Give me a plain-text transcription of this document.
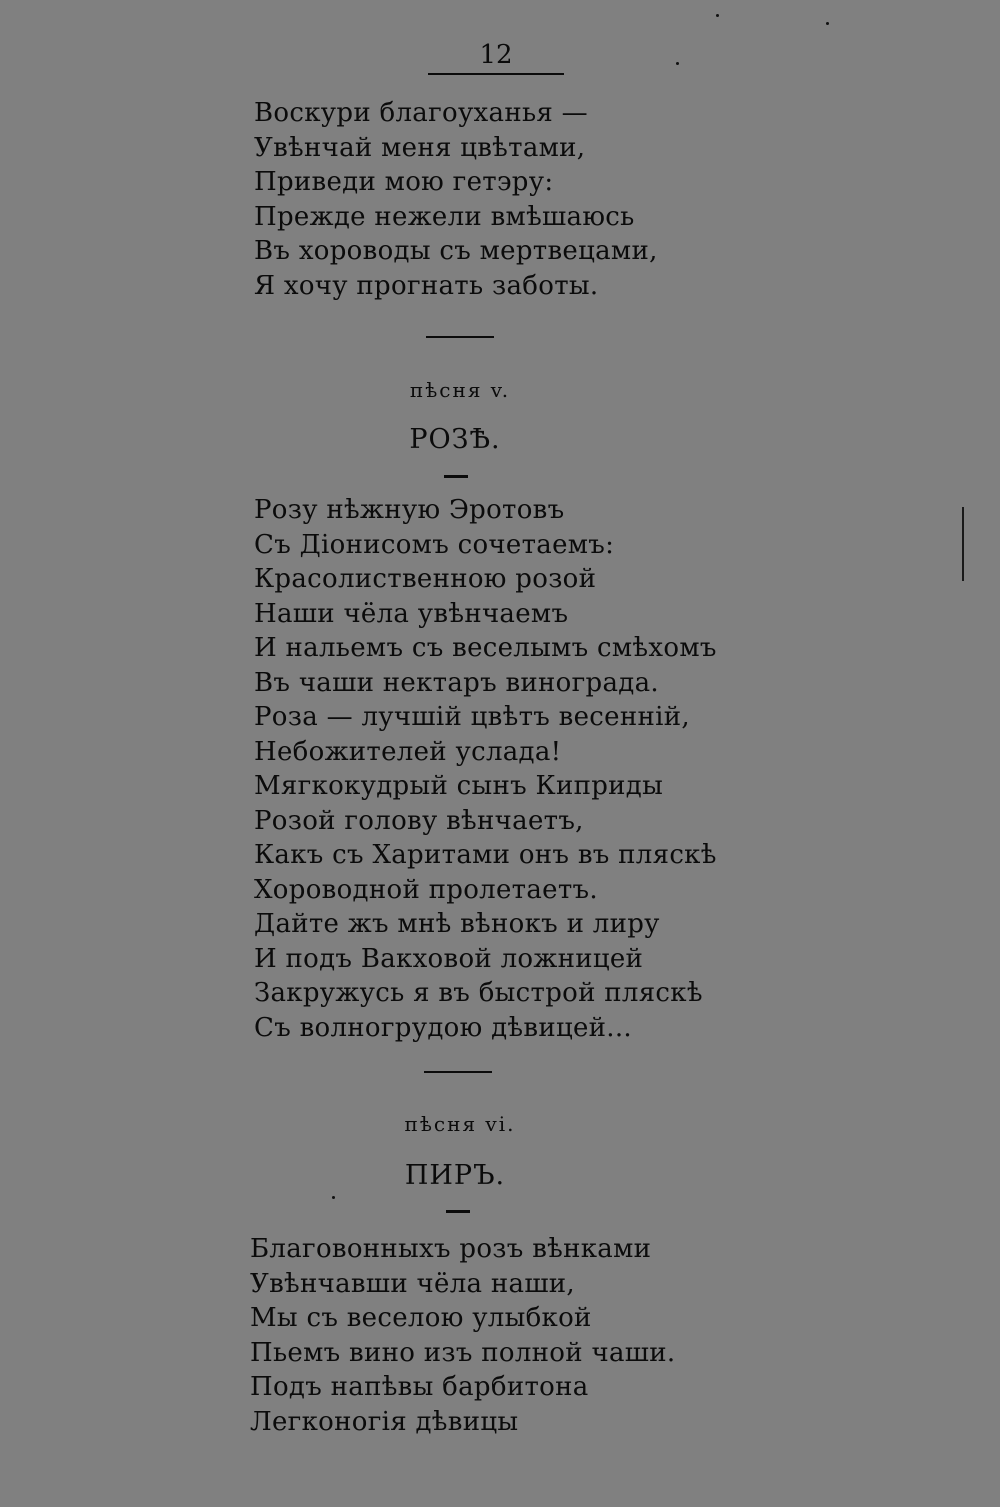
12
Воскури благоуханья —
Увѣнчай меня цвѣтами,
Приведи мою гетэру:
Прежде нежели вмѣшаюсь
Въ хороводы съ мертвецами,
Я хочу прогнать заботы.
пѣсня v.
РОЗѢ.
Розу нѣжную Эротовъ
Съ Діонисомъ сочетаемъ:
Красолиственною розой
Наши чёла увѣнчаемъ
И нальемъ съ веселымъ смѣхомъ
Въ чаши нектаръ винограда.
Роза — лучшій цвѣтъ весенній,
Небожителей услада!
Мягкокудрый сынъ Киприды
Розой голову вѣнчаетъ,
Какъ съ Харитами онъ въ пляскѣ
Хороводной пролетаетъ.
Дайте жъ мнѣ вѣнокъ и лиру
И подъ Вакховой ложницей
Закружусь я въ быстрой пляскѣ
Съ волногрудою дѣвицей...
пѣсня vi.
ПИРЪ.
Благовонныхъ розъ вѣнками
Увѣнчавши чёла наши,
Мы съ веселою улыбкой
Пьемъ вино изъ полной чаши.
Подъ напѣвы барбитона
Легконогія дѣвицы
